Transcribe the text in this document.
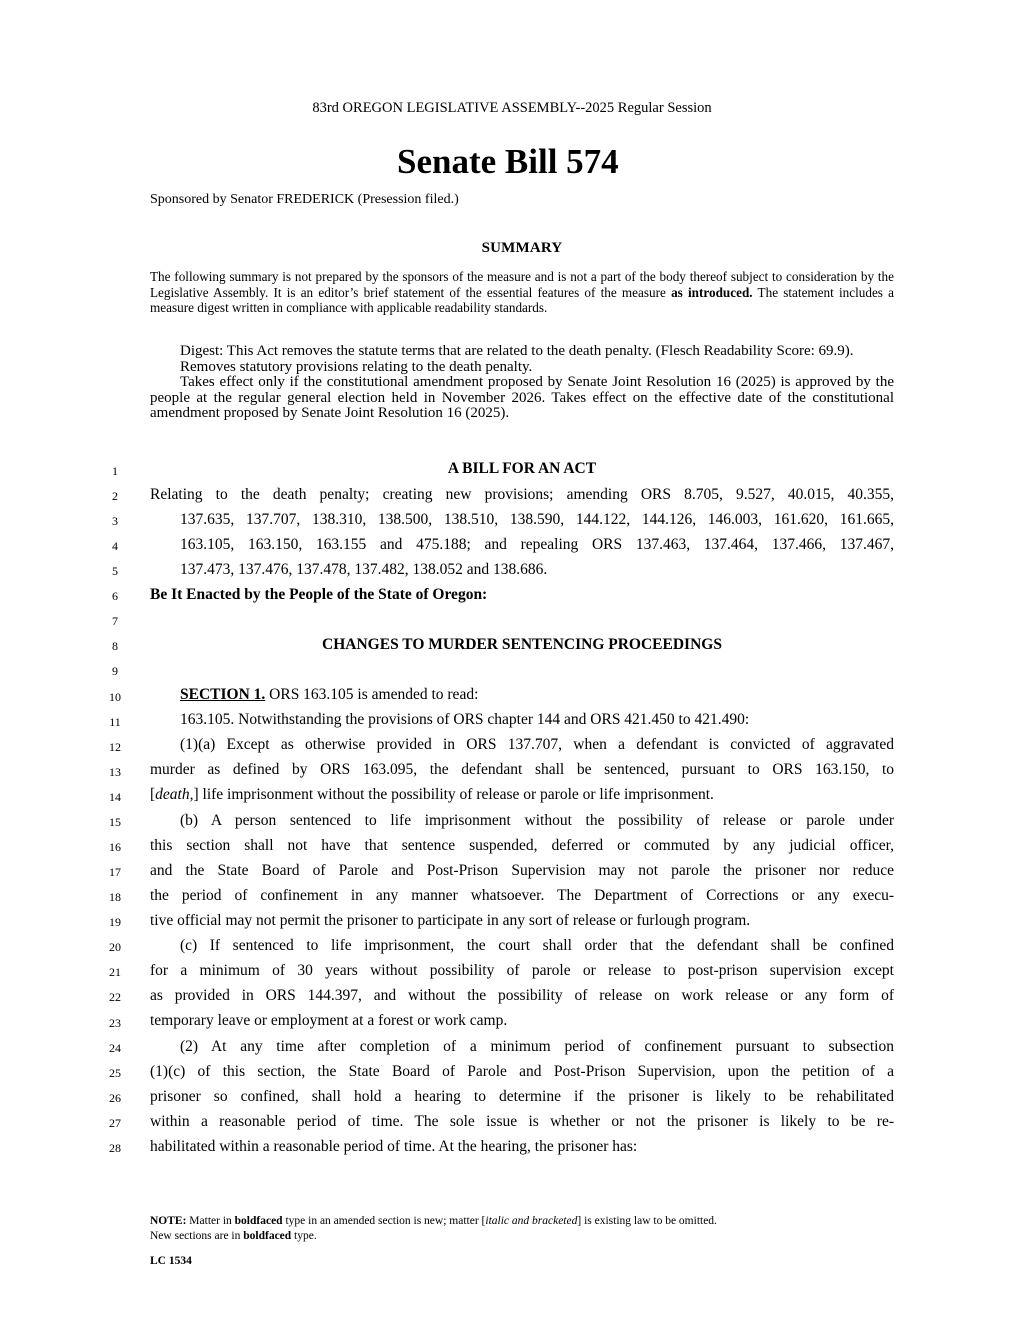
83rd OREGON LEGISLATIVE ASSEMBLY--2025 Regular Session
Senate Bill 574
Sponsored by Senator FREDERICK (Presession filed.)
SUMMARY
The following summary is not prepared by the sponsors of the measure and is not a part of the body thereof subject to consideration by the Legislative Assembly. It is an editor’s brief statement of the essential features of the measure as introduced. The statement includes a measure digest written in compliance with applicable readability standards.

Digest: This Act removes the statute terms that are related to the death penalty. (Flesch Readability Score: 69.9).

Removes statutory provisions relating to the death penalty.

Takes effect only if the constitutional amendment proposed by Senate Joint Resolution 16 (2025) is approved by the people at the regular general election held in November 2026. Takes effect on the effective date of the constitutional amendment proposed by Senate Joint Resolution 16 (2025).

1
2
3
4
5
6
7
8
9
10
11
12
13
14
15
16
17
18
19
20
21
22
23
24
25
26
27
28
A BILL FOR AN ACT
Relating to the death penalty; creating new provisions; amending ORS 8.705, 9.527, 40.015, 40.355,
137.635, 137.707, 138.310, 138.500, 138.510, 138.590, 144.122, 144.126, 146.003, 161.620, 161.665,
163.105, 163.150, 163.155 and 475.188; and repealing ORS 137.463, 137.464, 137.466, 137.467,
137.473, 137.476, 137.478, 137.482, 138.052 and 138.686.
Be It Enacted by the People of the State of Oregon:
CHANGES TO MURDER SENTENCING PROCEEDINGS
SECTION 1. ORS 163.105 is amended to read:
163.105. Notwithstanding the provisions of ORS chapter 144 and ORS 421.450 to 421.490:
(1)(a) Except as otherwise provided in ORS 137.707, when a defendant is convicted of aggravated
murder as defined by ORS 163.095, the defendant shall be sentenced, pursuant to ORS 163.150, to
[death,] life imprisonment without the possibility of release or parole or life imprisonment.
(b) A person sentenced to life imprisonment without the possibility of release or parole under
this section shall not have that sentence suspended, deferred or commuted by any judicial officer,
and the State Board of Parole and Post-Prison Supervision may not parole the prisoner nor reduce
the period of confinement in any manner whatsoever. The Department of Corrections or any execu-
tive official may not permit the prisoner to participate in any sort of release or furlough program.
(c) If sentenced to life imprisonment, the court shall order that the defendant shall be confined
for a minimum of 30 years without possibility of parole or release to post-prison supervision except
as provided in ORS 144.397, and without the possibility of release on work release or any form of
temporary leave or employment at a forest or work camp.
(2) At any time after completion of a minimum period of confinement pursuant to subsection
(1)(c) of this section, the State Board of Parole and Post-Prison Supervision, upon the petition of a
prisoner so confined, shall hold a hearing to determine if the prisoner is likely to be rehabilitated
within a reasonable period of time. The sole issue is whether or not the prisoner is likely to be re-
habilitated within a reasonable period of time. At the hearing, the prisoner has:
NOTE: Matter in boldfaced type in an amended section is new; matter [italic and bracketed] is existing law to be omitted.
New sections are in boldfaced type.
LC 1534
